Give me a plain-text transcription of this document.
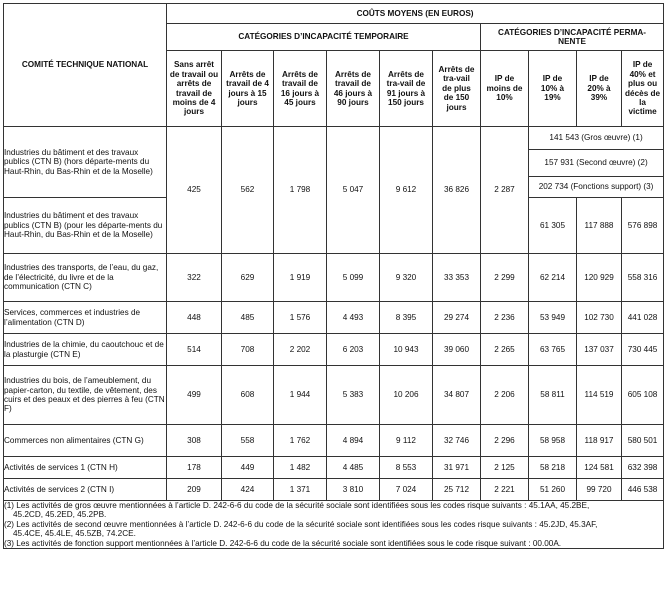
COMITÉ TECHNIQUE NATIONAL	COÛTS MOYENS (EN EUROS)									
	CATÉGORIES D’INCAPACITÉ TEMPORAIRE						CATÉGORIES D’INCAPACITÉ PERMA-NENTE			
	Sans arrêt de travail ou arrêts de travail de moins de 4 jours	Arrêts de travail de 4 jours à 15 jours	Arrêts de travail de 16 jours à 45 jours	Arrêts de travail de 46 jours à 90 jours	Arrêts de tra-vail de 91 jours à 150 jours	Arrêts de tra-vail de plus de 150 jours	IP de moins de 10%	IP de 10% à 19%	IP de 20% à 39%	IP de 40% et plus ou décès de la victime
Industries du bâtiment et des travaux publics (CTN B) (hors départe-ments du Haut-Rhin, du Bas-Rhin et de la Moselle)	425	562	1 798	5 047	9 612	36 826	2 287	141 543 (Gros œuvre) (1)		
								157 931 (Second œuvre) (2)		
								202 734 (Fonctions support) (3)		
Industries du bâtiment et des travaux publics (CTN B) (pour les départe-ments du Haut-Rhin, du Bas-Rhin et de la Moselle)								61 305	117 888	576 898
Industries des transports, de l’eau, du gaz, de l’électricité, du livre et de la communication (CTN C)	322	629	1 919	5 099	9 320	33 353	2 299	62 214	120 929	558 316
Services, commerces et industries de l’alimentation (CTN D)	448	485	1 576	4 493	8 395	29 274	2 236	53 949	102 730	441 028
Industries de la chimie, du caoutchouc et de la plasturgie (CTN E)	514	708	2 202	6 203	10 943	39 060	2 265	63 765	137 037	730 445
Industries du bois, de l’ameublement, du papier-carton, du textile, de vêtement, des cuirs et des peaux et des pierres à feu (CTN F)	499	608	1 944	5 383	10 206	34 807	2 206	58 811	114 519	605 108
Commerces non alimentaires (CTN G)	308	558	1 762	4 894	9 112	32 746	2 296	58 958	118 917	580 501
Activités de services 1 (CTN H)	178	449	1 482	4 485	8 553	31 971	2 125	58 218	124 581	632 398
Activités de services 2 (CTN I)	209	424	1 371	3 810	7 024	25 712	2 221	51 260	99 720	446 538

(1) Les activités de gros œuvre mentionnées à l’article D. 242-6-6 du code de la sécurité sociale sont identifiées sous les codes risque suivants : 45.1AA, 45.2BE,
45.2CD, 45.2ED, 45.2PB.

(2) Les activités de second œuvre mentionnées à l’article D. 242-6-6 du code de la sécurité sociale sont identifiées sous les codes risque suivants : 45.2JD, 45.3AF,
45.4CE, 45.4LE, 45.5ZB, 74.2CE.

(3) Les activités de fonction support mentionnées à l’article D. 242-6-6 du code de la sécurité sociale sont identifiées sous le code risque suivant : 00.00A.										
